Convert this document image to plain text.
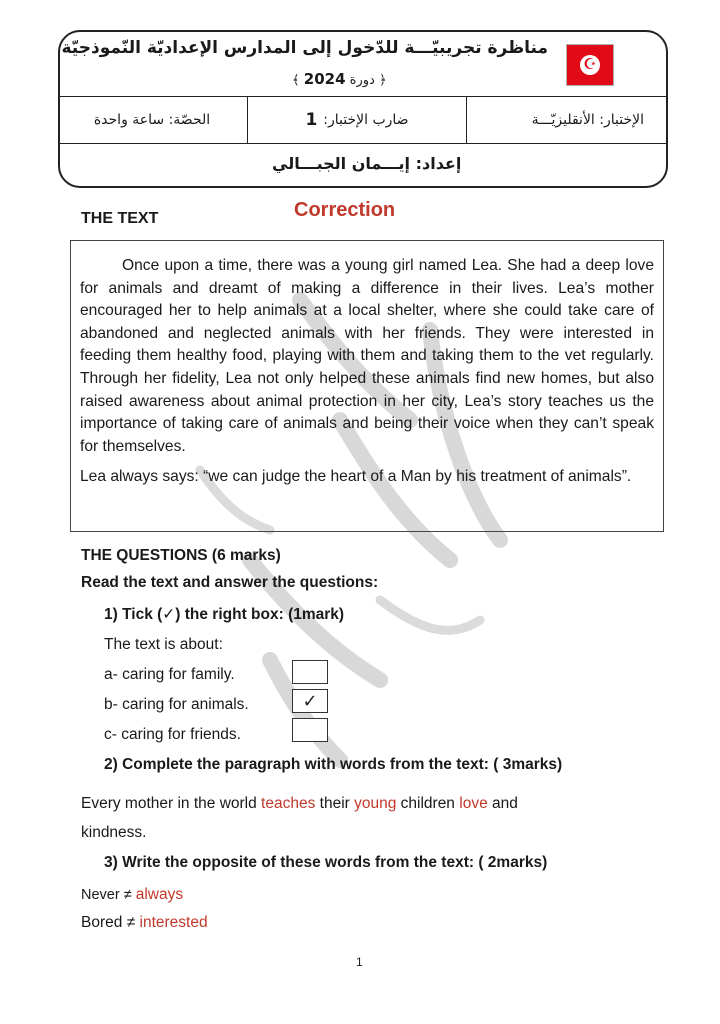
مناظرة تجريبيّـــة للدّخول إلى المدارس الإعداديّة النّموذجيّة
﴿ دورة 2024 ﴾
☪
الإختبار: الأنقليزيّـــة
ضارب الإختبار:
1
الحصّة: ساعة واحدة
إعداد: إيـــمان الجبـــالي
THE TEXT	Correction

Once upon a time, there was a young girl named Lea. She had a deep love for animals and dreamt of making a difference in their lives. Lea’s mother encouraged her to help animals at a local shelter, where she could take care of abandoned and neglected animals with her friends. They were interested in feeding them healthy food, playing with them and taking them to the vet regularly. Through her fidelity, Lea not only helped these animals find new homes, but also raised awareness about animal protection in her city, Lea’s story teaches us the importance of taking care of animals and being their voice when they can’t speak for themselves.

Lea always says: “we can judge the heart of a Man by his treatment of animals”.

THE QUESTIONS (6 marks)
Read the text and answer the questions:
1) Tick (✓) the right box: (1mark)
The text is about:
a- caring for family.
b- caring for animals.	✓
c- caring for friends.
2) Complete the paragraph with words from the text: ( 3marks)
Every mother in the world teaches their young children love and
kindness.
3) Write the opposite of these words from the text: ( 2marks)
Never ≠ always
Bored ≠ interested
1
